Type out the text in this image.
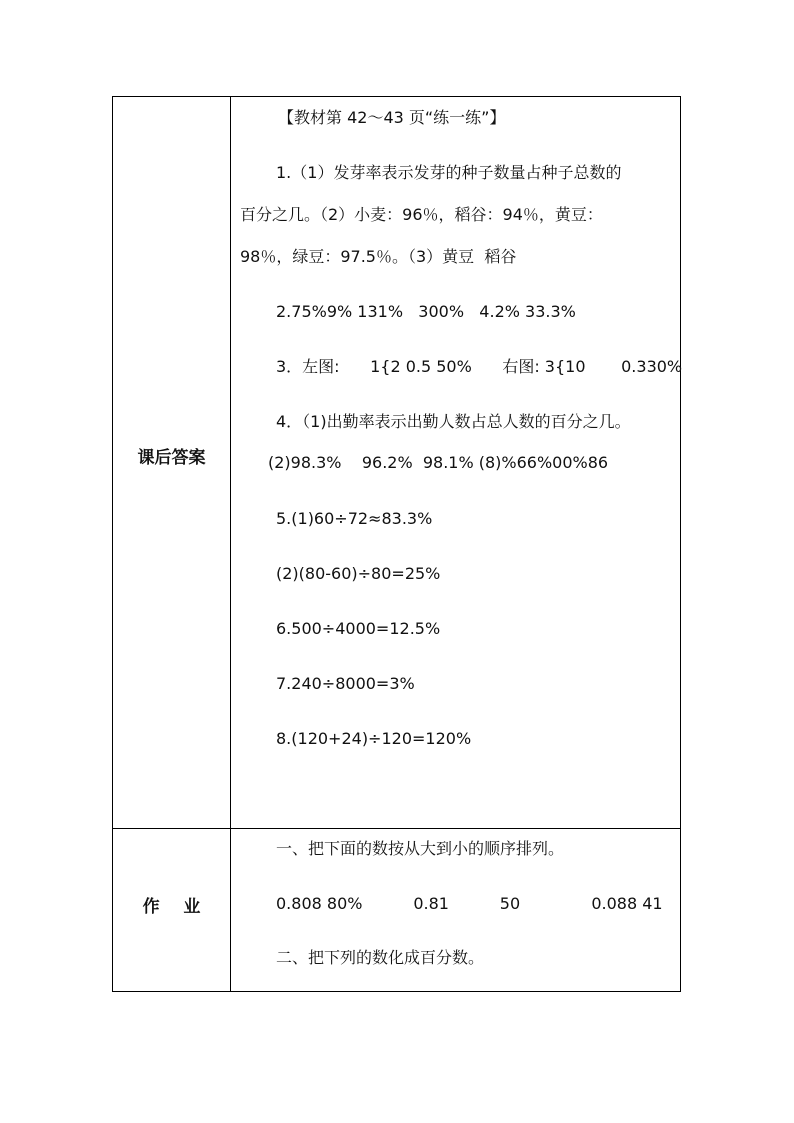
课后答案
【教材第 42～43 页“练一练”】
1.（1）发芽率表示发芽的种子数量占种子总数的
百分之几。（2）小麦：96％，稻谷：94％，黄豆：
98％，绿豆：97.5％。（3）黄豆  稻谷
2.75%9% 131%   300%   4.2% 33.3%
3．左图:      1{2 0.5 50%      右图: 3{10       0.330%
4．（1)出勤率表示出勤人数占总人数的百分之几。
(2)98.3%    96.2%  98.1% (8)%66%00%86
5.(1)60÷72≈83.3%
(2)(80-60)÷80=25%
6.500÷4000=12.5%
7.240÷8000=3%
8.(120+24)÷120=120%
作    业
一、把下面的数按从大到小的顺序排列。
0.808 80%          0.81          50              0.088 41
二、把下列的数化成百分数。
